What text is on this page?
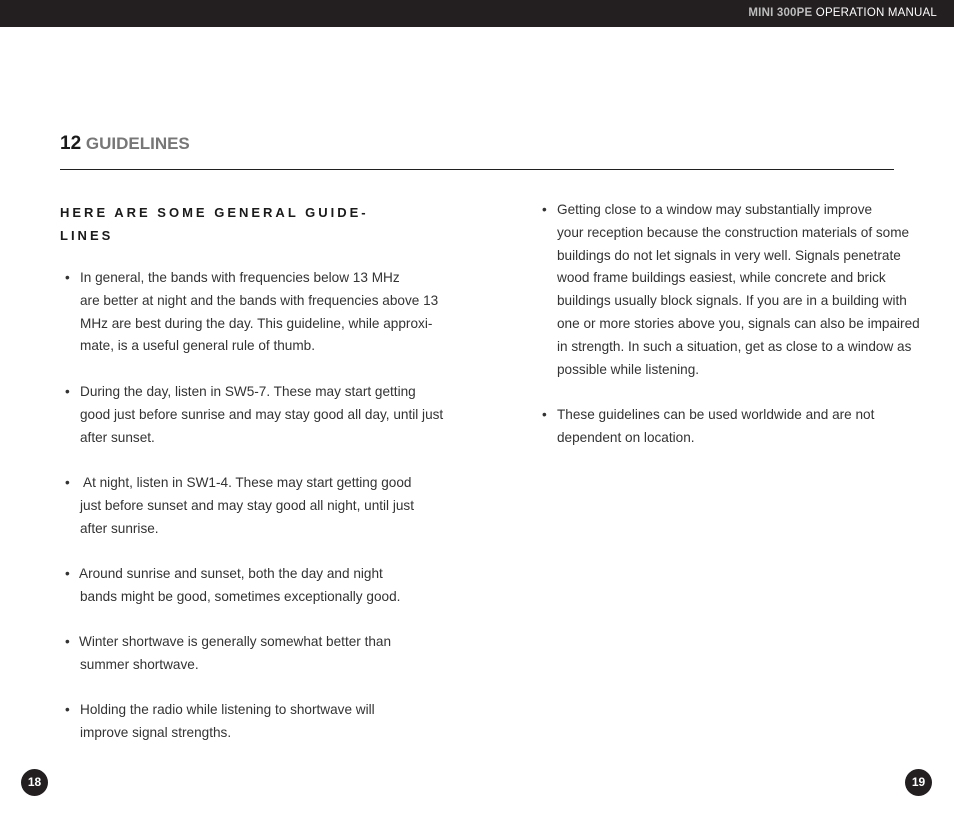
MINI 300PE OPERATION MANUAL
12 GUIDELINES
HERE ARE SOME GENERAL GUIDE-
LINES
• In general, the bands with frequencies below 13 MHz
are better at night and the bands with frequencies above 13
MHz are best during the day. This guideline, while approxi-
mate, is a useful general rule of thumb.
• During the day, listen in SW5-7. These may start getting
good just before sunrise and may stay good all day, until just
after sunset.
• At night, listen in SW1-4. These may start getting good
just before sunset and may stay good all night, until just
after sunrise.
• Around sunrise and sunset, both the day and night
bands might be good, sometimes exceptionally good.
• Winter shortwave is generally somewhat better than
summer shortwave.
• Holding the radio while listening to shortwave will
improve signal strengths.
• Getting close to a window may substantially improve
your reception because the construction materials of some
buildings do not let signals in very well. Signals penetrate
wood frame buildings easiest, while concrete and brick
buildings usually block signals. If you are in a building with
one or more stories above you, signals can also be impaired
in strength. In such a situation, get as close to a window as
possible while listening.
• These guidelines can be used worldwide and are not
dependent on location.
18	19
